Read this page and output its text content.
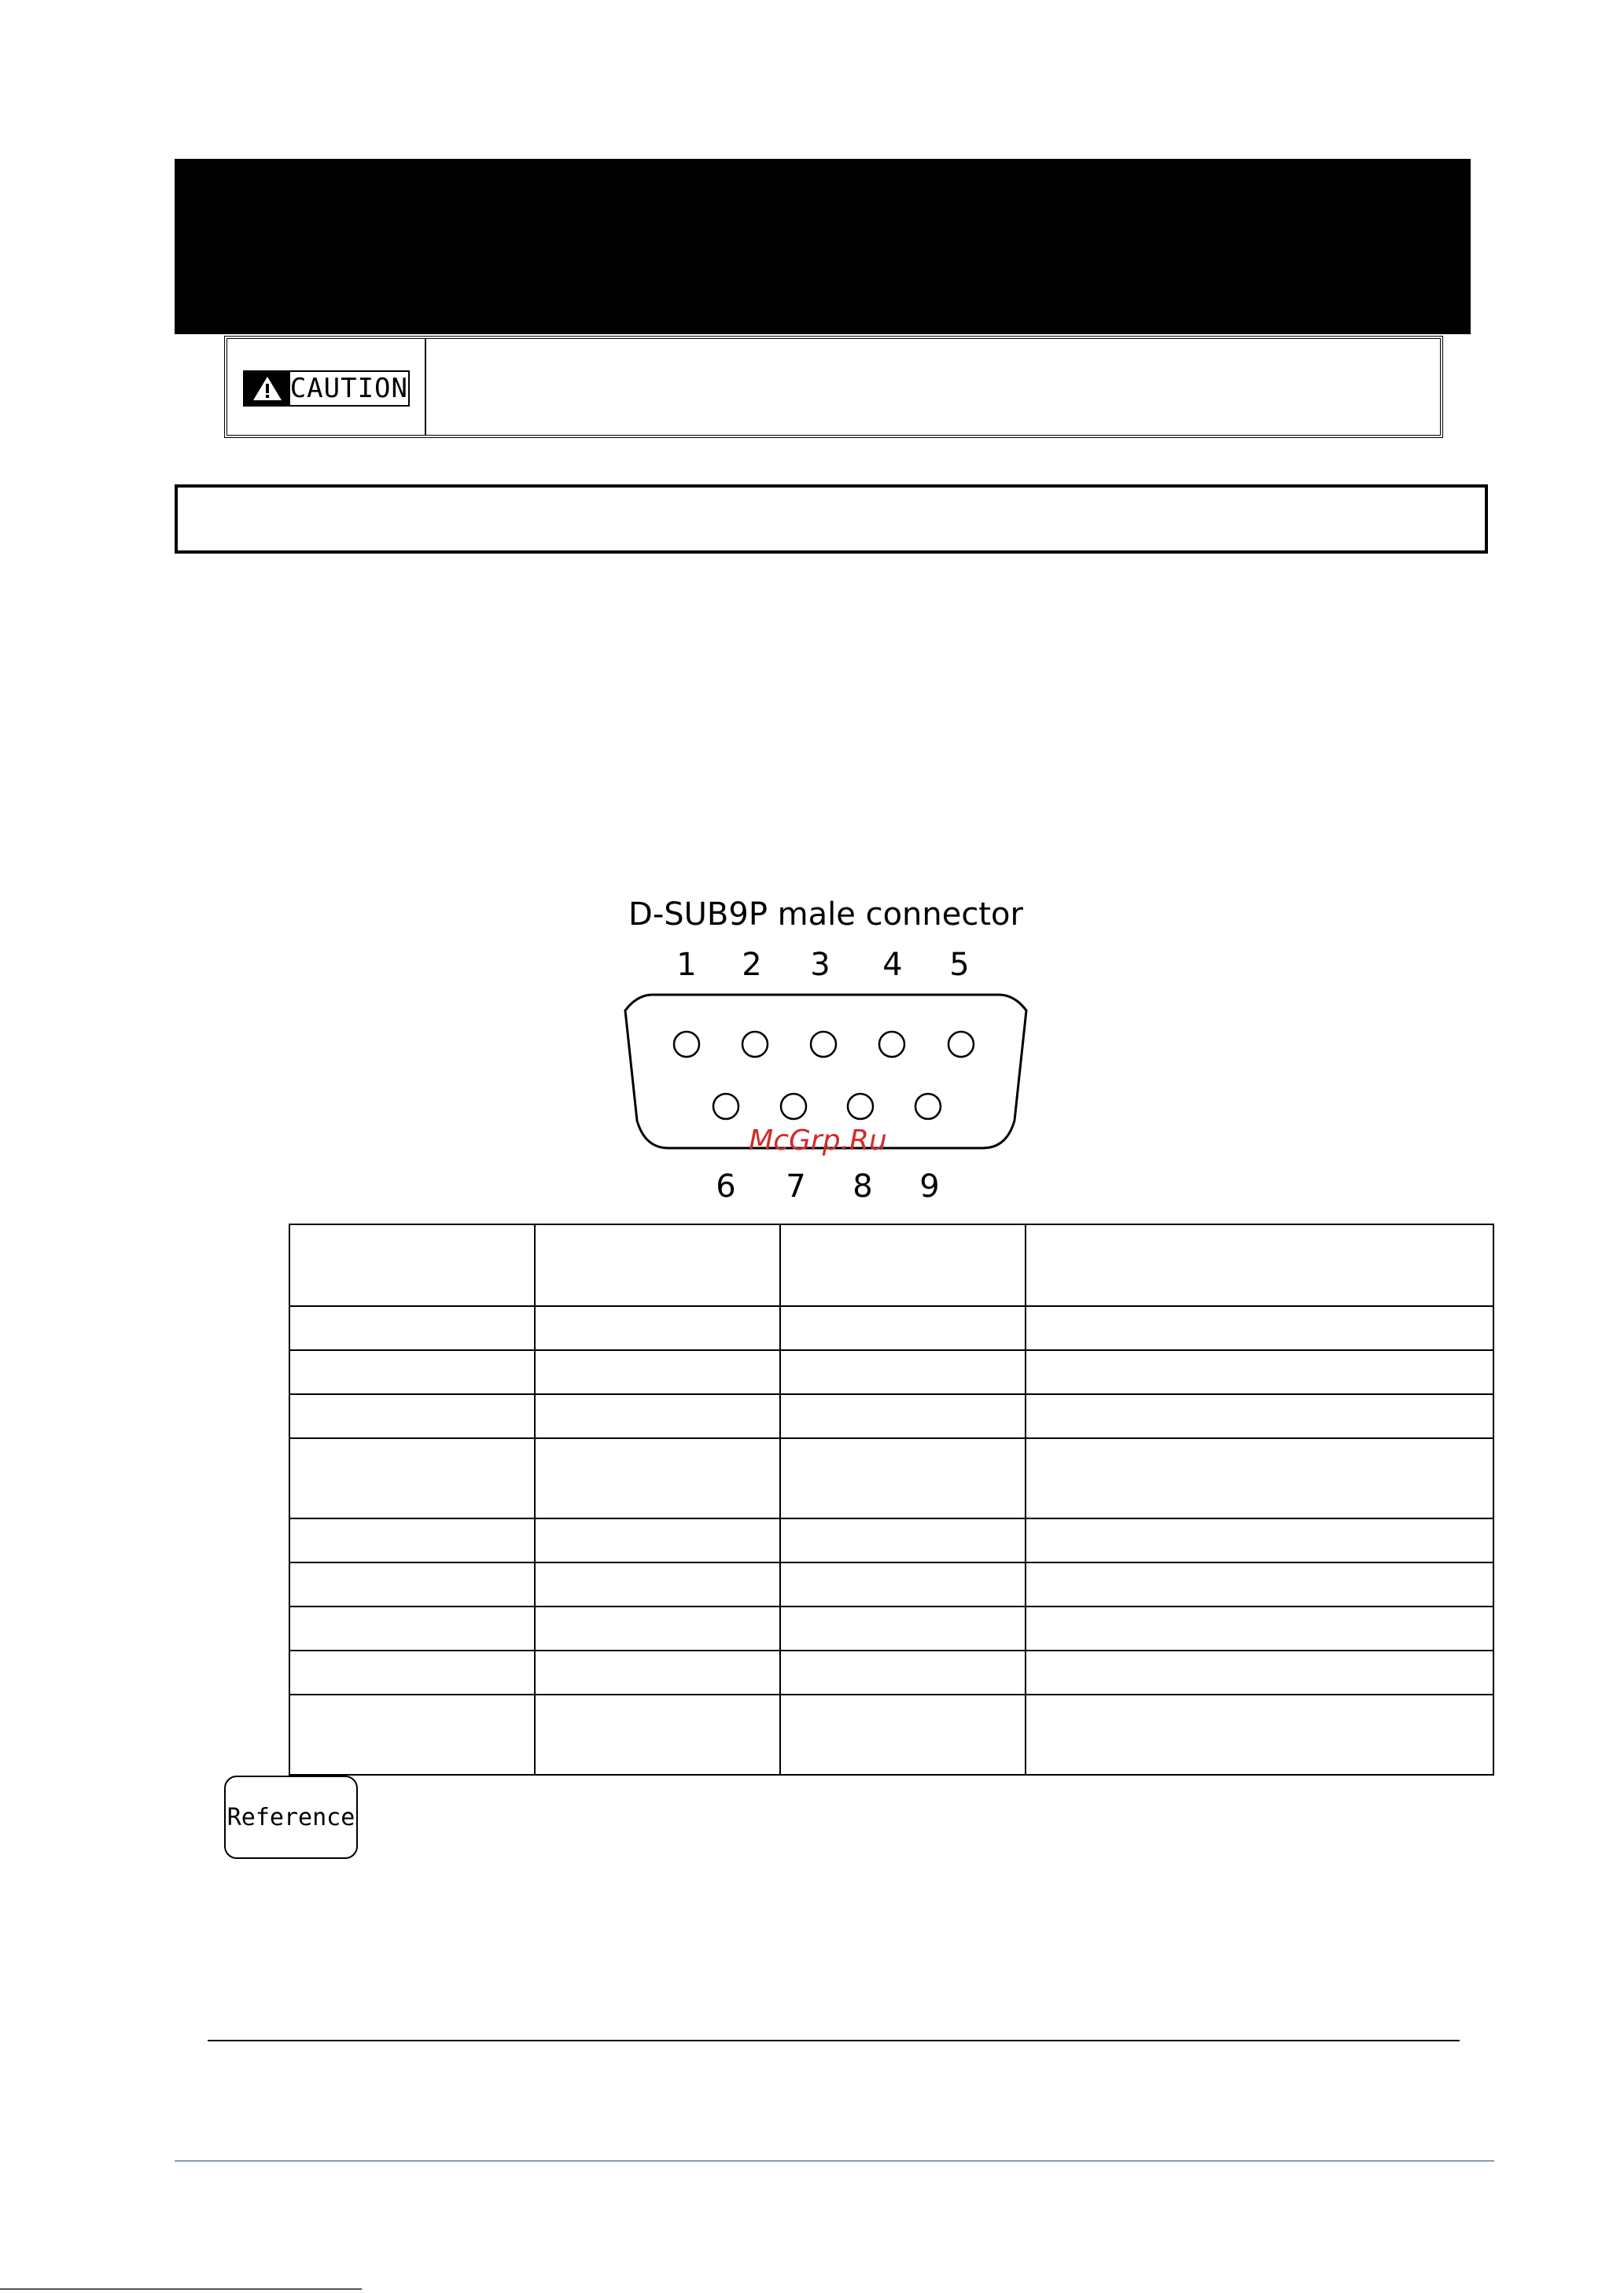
CAUTION
D-SUB9P male connector
1 2 3 4 5
McGrp.Ru
6 7 8 9

Reference
